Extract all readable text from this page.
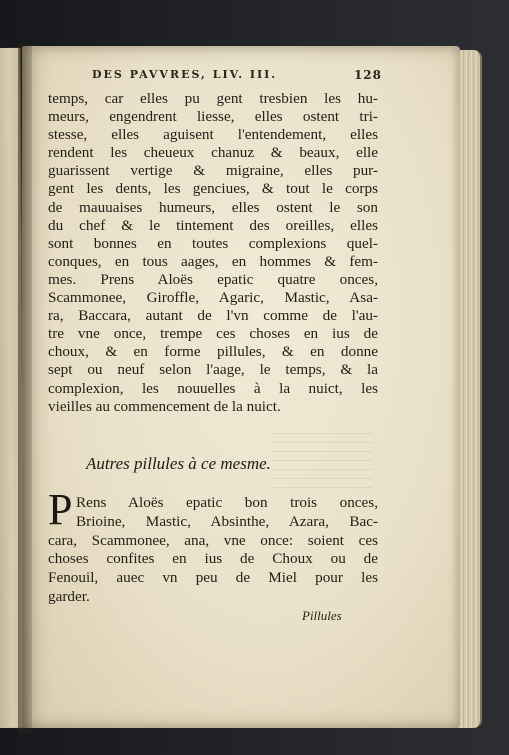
DES PAVVRES, LIV. III.	128
temps, car elles pu gent tresbien les hu-
meurs, engendrent liesse, elles ostent tri-
stesse, elles aguisent l'entendement, elles
rendent les cheueux chanuz & beaux, elle
guarissent vertige & migraine, elles pur-
gent les dents, les genciues, & tout le corps
de mauuaises humeurs, elles ostent le son
du chef & le tintement des oreilles, elles
sont bonnes en toutes complexions quel-
conques, en tous aages, en hommes & fem-
mes. Prens Aloës epatic quatre onces,
Scammonee, Giroffle, Agaric, Mastic, Asa-
ra, Baccara, autant de l'vn comme de l'au-
tre vne once, trempe ces choses en ius de
choux, & en forme pillules, & en donne
sept ou neuf selon l'aage, le temps, & la
complexion, les nouuelles à la nuict, les
vieilles au commencement de la nuict.
Autres pillules à ce mesme.
P Rens Aloës epatic bon trois onces,
Brioine, Mastic, Absinthe, Azara, Bac-
cara, Scammonee, ana, vne once: soient ces
choses confites en ius de Choux ou de
Fenouil, auec vn peu de Miel pour les
garder.
Pillules
